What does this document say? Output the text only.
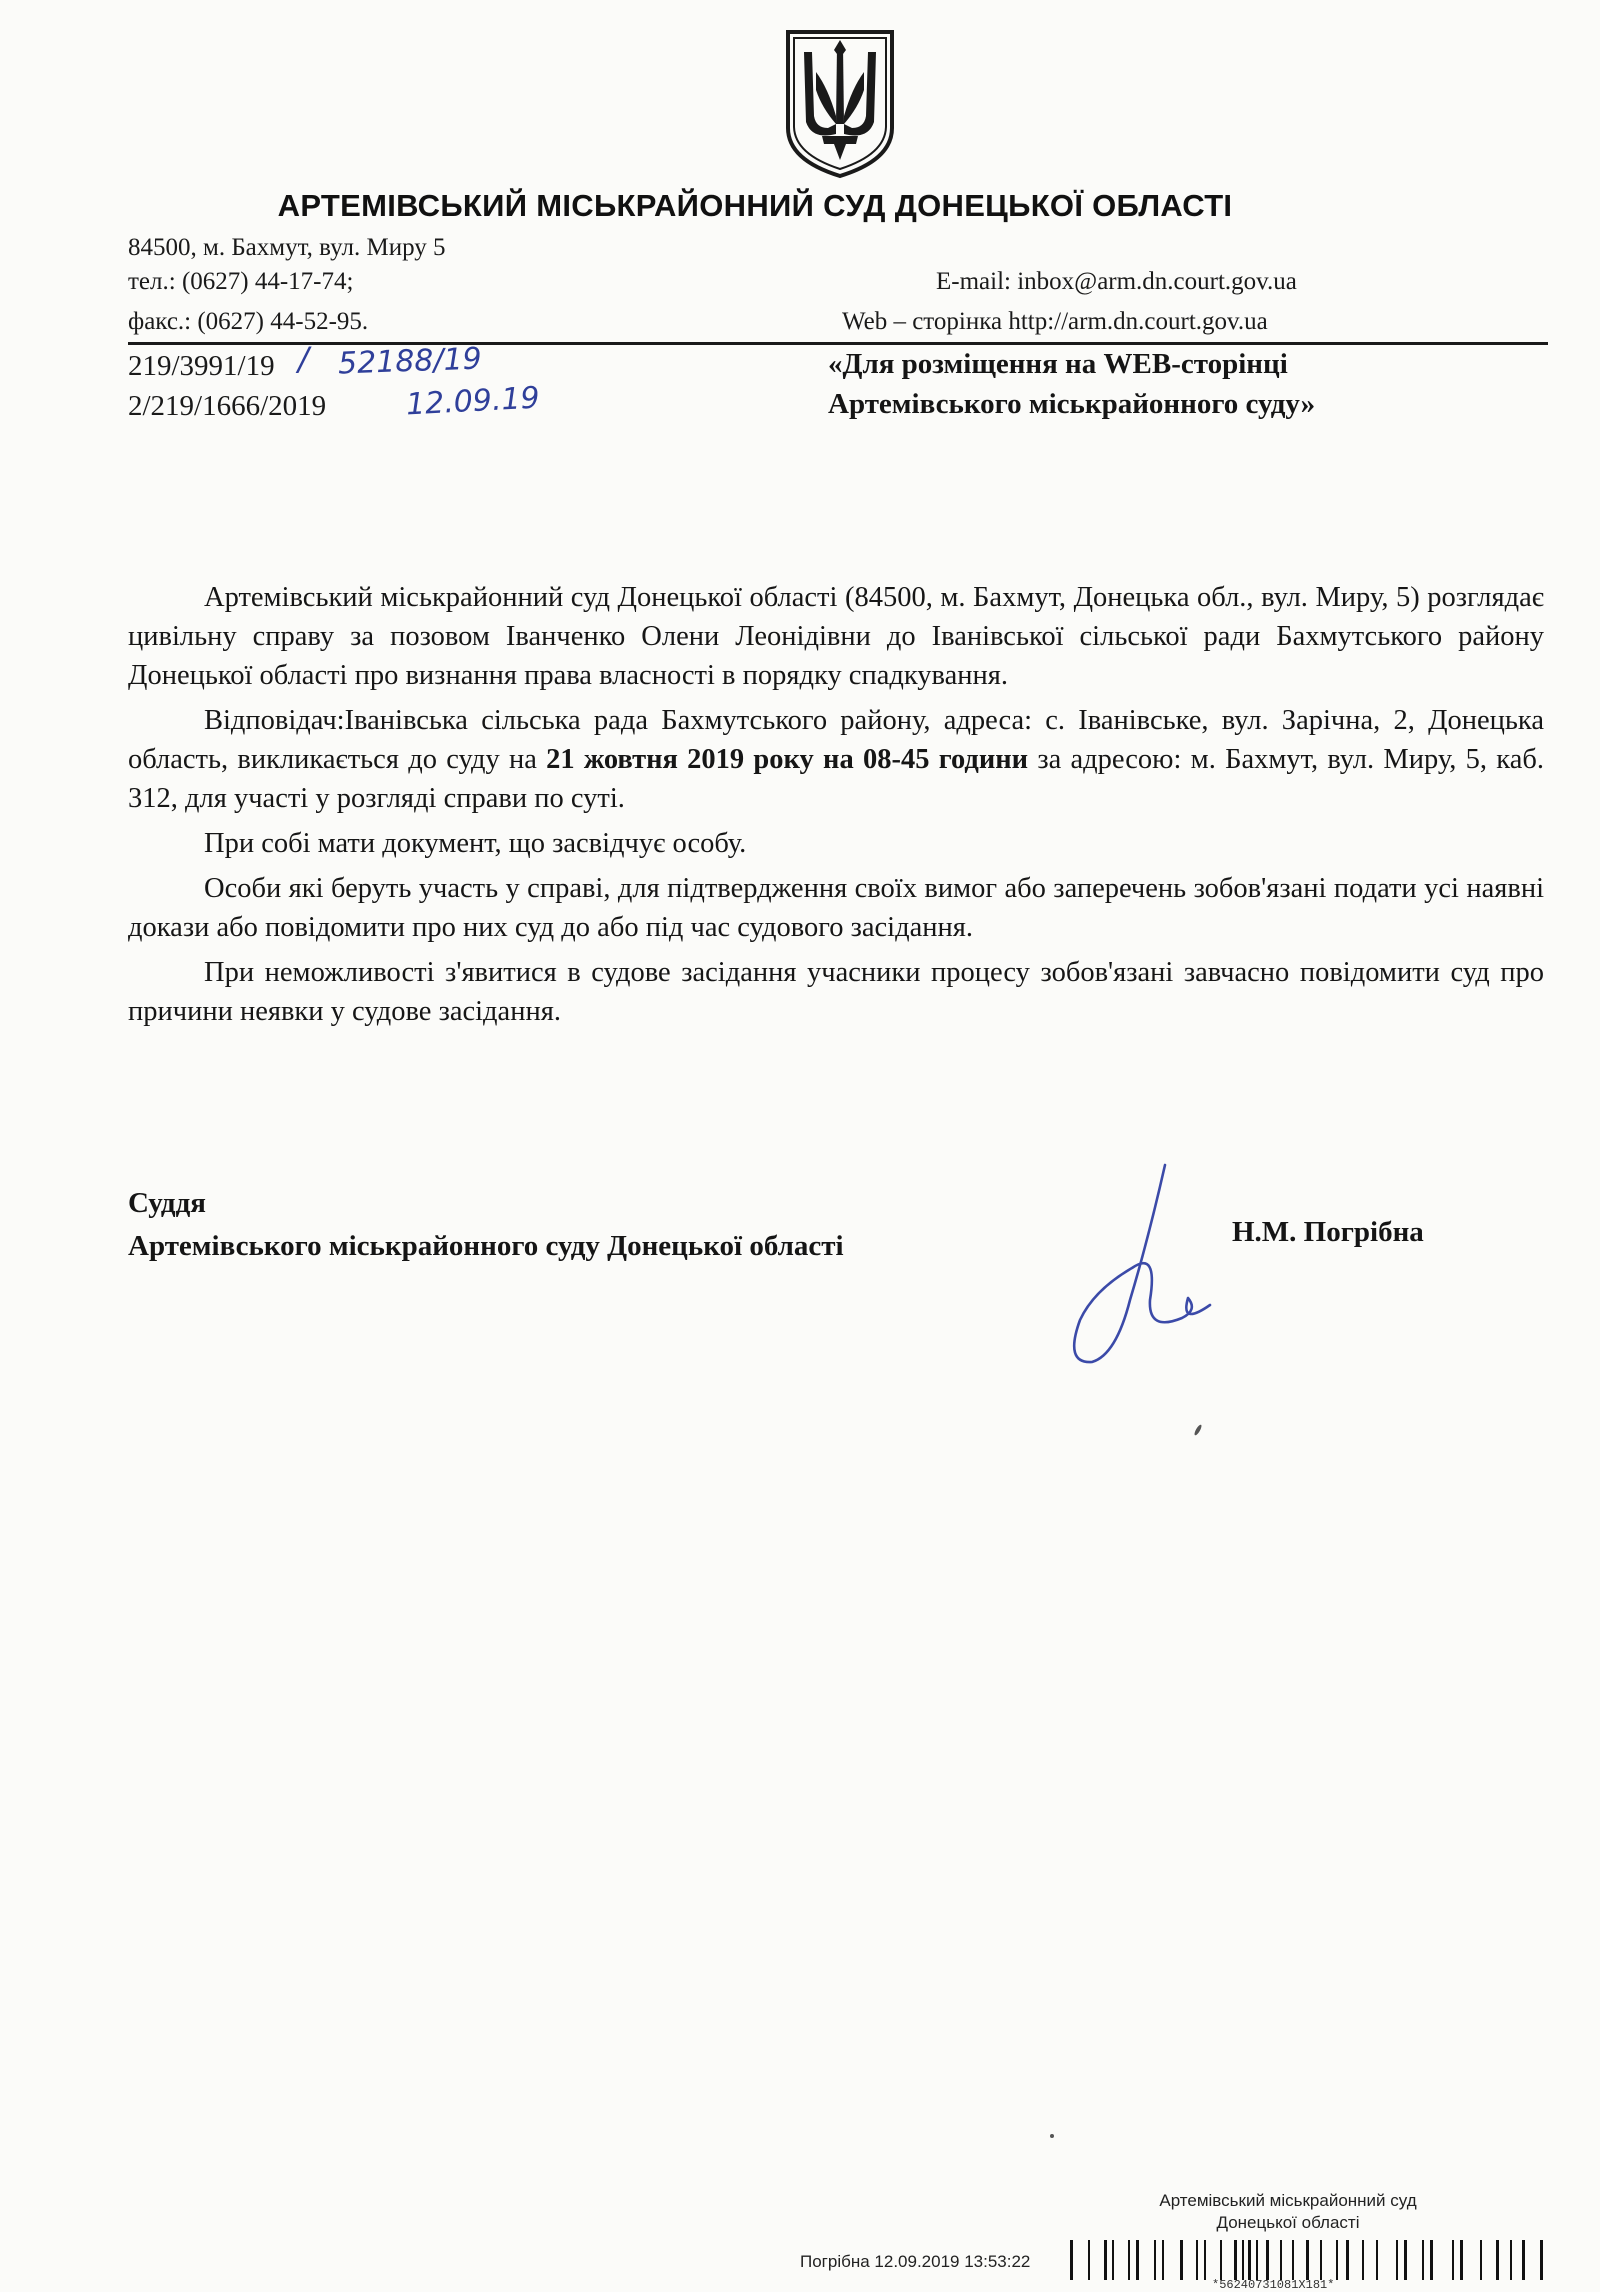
АРТЕМІВСЬКИЙ МІСЬКРАЙОННИЙ СУД ДОНЕЦЬКОЇ ОБЛАСТІ
84500, м. Бахмут, вул. Миру 5
тел.: (0627) 44-17-74;
факс.: (0627) 44-52-95.
E-mail: inbox@arm.dn.court.gov.ua
Web – сторінка http://arm.dn.court.gov.ua
219/3991/19
2/219/1666/2019
/ 52188/19
12.09.19
«Для розміщення на WEB-сторінці
Артемівського міськрайонного суду»

Артемівський міськрайонний суд Донецької області (84500, м. Бахмут, Донецька обл., вул. Миру, 5) розглядає цивільну справу за позовом Іванченко Олени Леонідівни до Іванівської сільської ради Бахмутського району Донецької області про визнання права власності в порядку спадкування.

Відповідач:Іванівська сільська рада Бахмутського району, адреса: с. Іванівське, вул. Зарічна, 2, Донецька область, викликається до суду на 21 жовтня 2019 року на 08-45 години за адресою: м. Бахмут, вул. Миру, 5, каб. 312, для участі у розгляді справи по суті.

При собі мати документ, що засвідчує особу.

Особи які беруть участь у справі, для підтвердження своїх вимог або заперечень зобов'язані подати усі наявні докази або повідомити про них суд до або під час судового засідання.

При неможливості з'явитися в судове засідання учасники процесу зобов'язані завчасно повідомити суд про причини неявки у судове засідання.

Суддя
Артемівського міськрайонного суду Донецької області	Н.М. Погрібна
Артемівський міськрайонний суд
Донецької області
Погрібна 12.09.2019 13:53:22
*56240731081X181*
